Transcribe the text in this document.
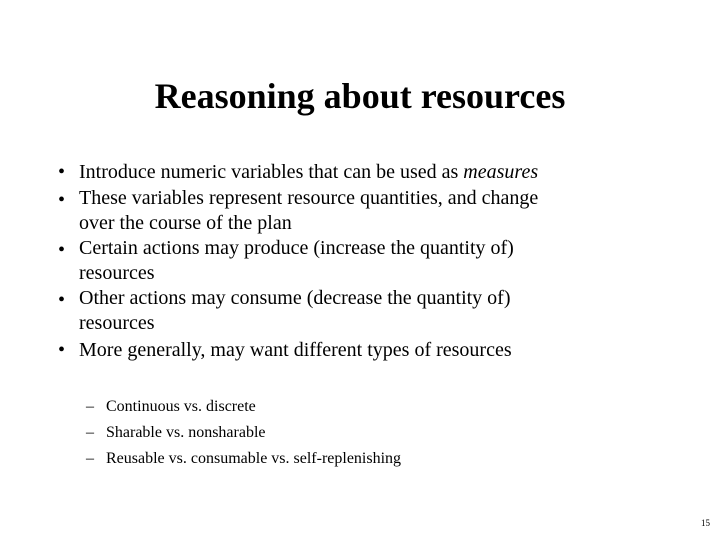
Reasoning about resources
• Introduce numeric variables that can be used as measures
• These variables represent resource quantities, and change
over the course of the plan
• Certain actions may produce (increase the quantity of)
resources
• Other actions may consume (decrease the quantity of)
resources
• More generally, may want different types of resources
– Continuous vs. discrete
– Sharable vs. nonsharable
– Reusable vs. consumable vs. self-replenishing
15
